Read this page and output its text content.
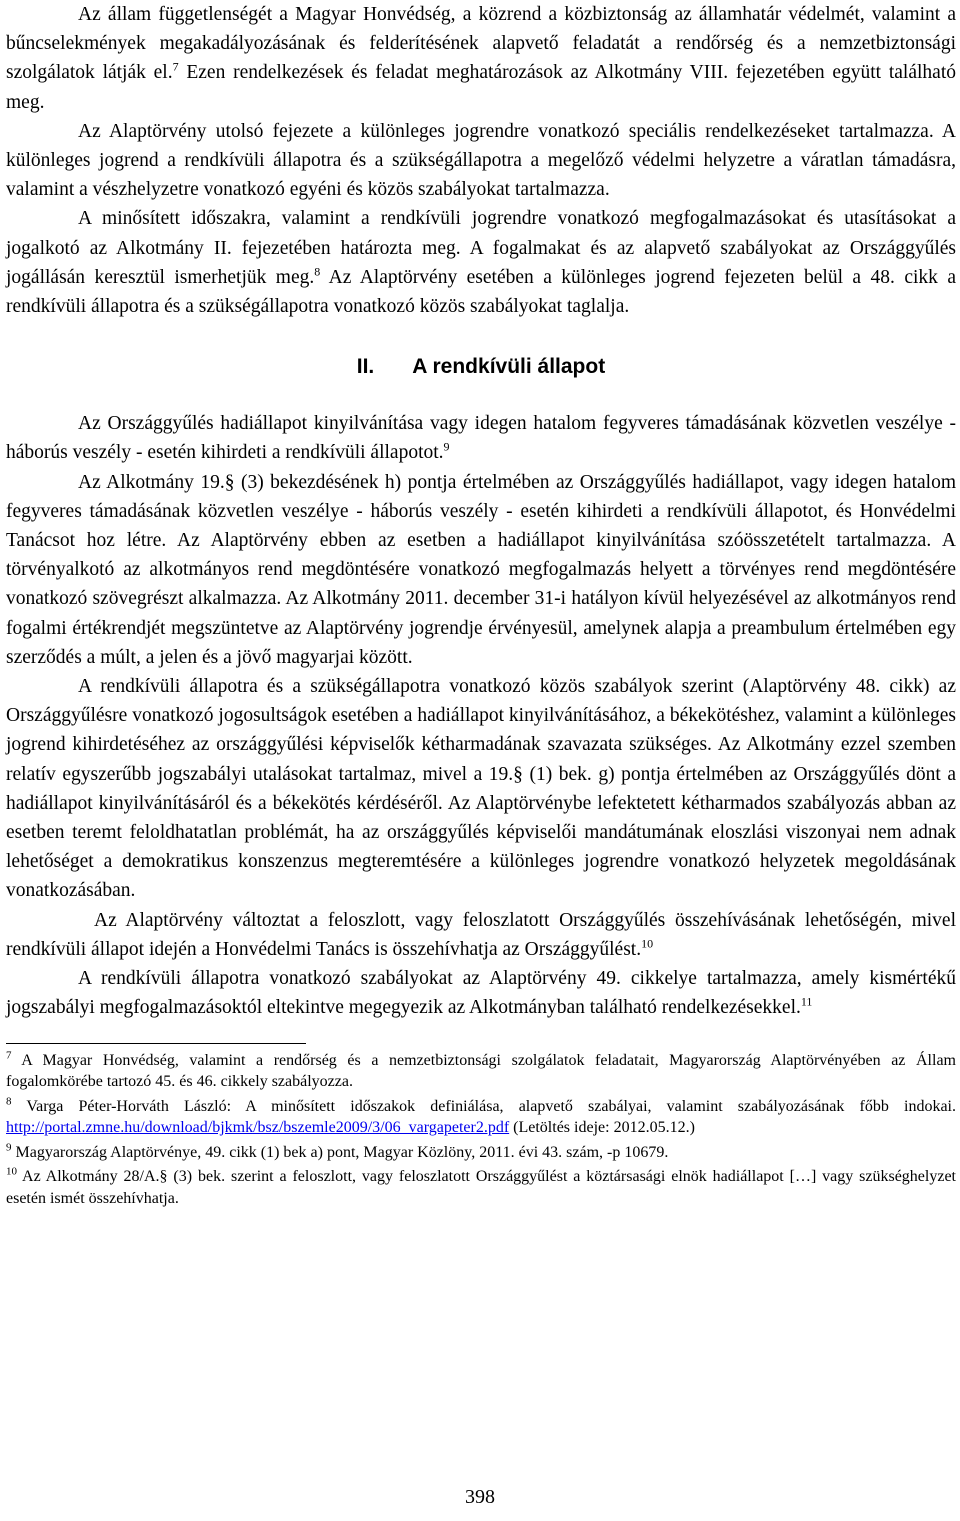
Az állam függetlenségét a Magyar Honvédség, a közrend a közbiztonság az államhatár védelmét, valamint a bűncselekmények megakadályozásának és felderítésének alapvető feladatát a rendőrség és a nemzetbiztonsági szolgálatok látják el.$^7$ Ezen rendelkezések és feladat meghatározások az Alkotmány VIII. fejezetében együtt található meg.

Az Alaptörvény utolsó fejezete a különleges jogrendre vonatkozó speciális rendelkezéseket tartalmazza. A különleges jogrend a rendkívüli állapotra és a szükségállapotra a megelőző védelmi helyzetre a váratlan támadásra, valamint a vészhelyzetre vonatkozó egyéni és közös szabályokat tartalmazza.

A minősített időszakra, valamint a rendkívüli jogrendre vonatkozó megfogalmazásokat és utasításokat a jogalkotó az Alkotmány II. fejezetében határozta meg. A fogalmakat és az alapvető szabályokat az Országgyűlés jogállásán keresztül ismerhetjük meg.$^8$ Az Alaptörvény esetében a különleges jogrend fejezeten belül a 48. cikk a rendkívüli állapotra és a szükségállapotra vonatkozó közös szabályokat taglalja.

II. A rendkívüli állapot

Az Országgyűlés hadiállapot kinyilvánítása vagy idegen hatalom fegyveres támadásának közvetlen veszélye - háborús veszély - esetén kihirdeti a rendkívüli állapotot.$^9$

Az Alkotmány 19.§ (3) bekezdésének h) pontja értelmében az Országgyűlés hadiállapot, vagy idegen hatalom fegyveres támadásának közvetlen veszélye - háborús veszély - esetén kihirdeti a rendkívüli állapotot, és Honvédelmi Tanácsot hoz létre. Az Alaptörvény ebben az esetben a hadiállapot kinyilvánítása szóösszetételt tartalmazza. A törvényalkotó az alkotmányos rend megdöntésére vonatkozó megfogalmazás helyett a törvényes rend megdöntésére vonatkozó szövegrészt alkalmazza. Az Alkotmány 2011. december 31-i hatályon kívül helyezésével az alkotmányos rend fogalmi értékrendjét megszüntetve az Alaptörvény jogrendje érvényesül, amelynek alapja a preambulum értelmében egy szerződés a múlt, a jelen és a jövő magyarjai között.

A rendkívüli állapotra és a szükségállapotra vonatkozó közös szabályok szerint (Alaptörvény 48. cikk) az Országgyűlésre vonatkozó jogosultságok esetében a hadiállapot kinyilvánításához, a békekötéshez, valamint a különleges jogrend kihirdetéséhez az országgyűlési képviselők kétharmadának szavazata szükséges. Az Alkotmány ezzel szemben relatív egyszerűbb jogszabályi utalásokat tartalmaz, mivel a 19.§ (1) bek. g) pontja értelmében az Országgyűlés dönt a hadiállapot kinyilvánításáról és a békekötés kérdéséről. Az Alaptörvénybe lefektetett kétharmados szabályozás abban az esetben teremt feloldhatatlan problémát, ha az országgyűlés képviselői mandátumának eloszlási viszonyai nem adnak lehetőséget a demokratikus konszenzus megteremtésére a különleges jogrendre vonatkozó helyzetek megoldásának vonatkozásában.

Az Alaptörvény változtat a feloszlott, vagy feloszlatott Országgyűlés összehívásának lehetőségén, mivel rendkívüli állapot idején a Honvédelmi Tanács is összehívhatja az Országgyűlést.$^{10}$

A rendkívüli állapotra vonatkozó szabályokat az Alaptörvény 49. cikkelye tartalmazza, amely kismértékű jogszabályi megfogalmazásoktól eltekintve megegyezik az Alkotmányban található rendelkezésekkel.$^{11}$

$^7$ A Magyar Honvédség, valamint a rendőrség és a nemzetbiztonsági szolgálatok feladatait, Magyarország Alaptörvényében az Állam fogalomkörébe tartozó 45. és 46. cikkely szabályozza.

$^8$ Varga Péter-Horváth László: A minősített időszakok definiálása, alapvető szabályai, valamint szabályozásának főbb indokai. http://portal.zmne.hu/download/bjkmk/bsz/bszemle2009/3/06_vargapeter2.pdf (Letöltés ideje: 2012.05.12.)

$^9$ Magyarország Alaptörvénye, 49. cikk (1) bek a) pont, Magyar Közlöny, 2011. évi 43. szám, -p 10679.

$^{10}$ Az Alkotmány 28/A.§ (3) bek. szerint a feloszlott, vagy feloszlatott Országgyűlést a köztársasági elnök hadiállapot […] vagy szükséghelyzet esetén ismét összehívhatja.

398
